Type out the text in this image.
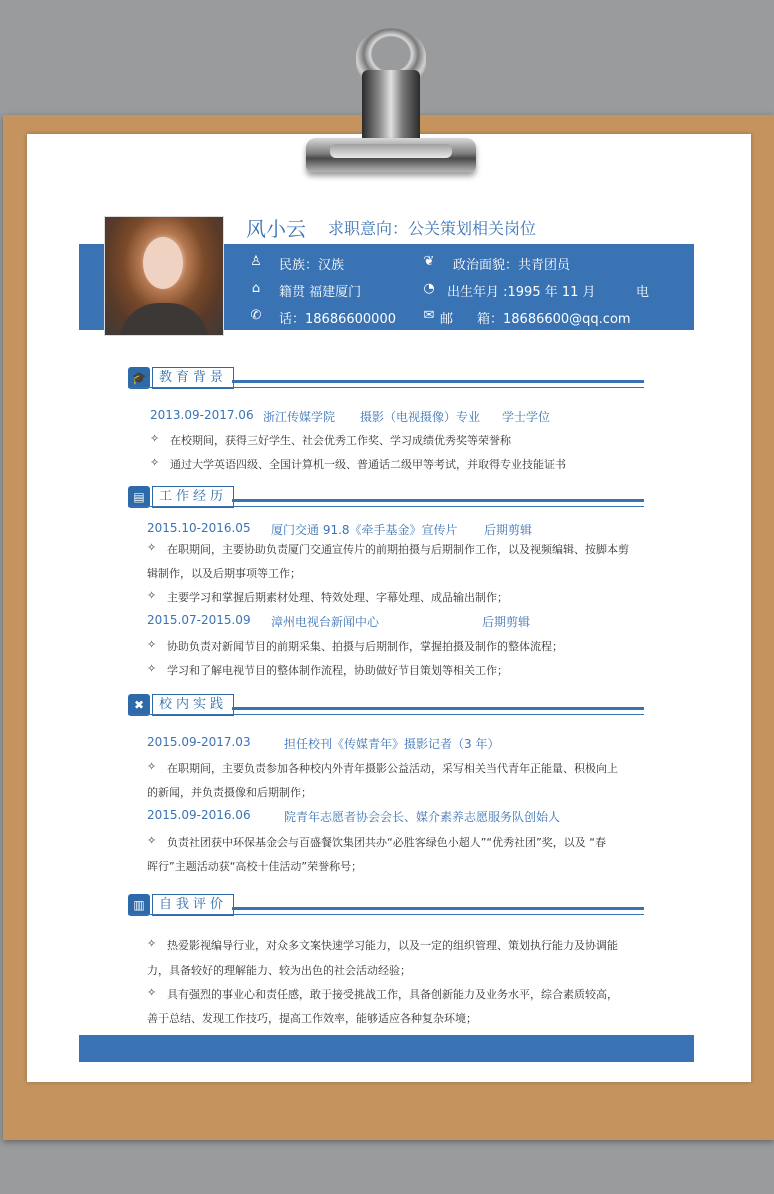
风小云 求职意向：公关策划相关岗位
♙ 民族：汉族	❦ 政治面貌：共青团员
⌂ 籍贯 福建厦门	◔ 出生年月 :1995 年 11 月	电
✆ 话：18686600000 ✉ 邮 箱：18686600@qq.com
🎓 教育背景
2013.09-2017.06 浙江传媒学院 摄影（电视摄像）专业 学士学位
✧ 在校期间，获得三好学生、社会优秀工作奖、学习成绩优秀奖等荣誉称
✧ 通过大学英语四级、全国计算机一级、普通话二级甲等考试，并取得专业技能证书
▤	工作经历
2015.10-2016.05 厦门交通 91.8《牵手基金》宣传片 后期剪辑
✧ 在职期间，主要协助负责厦门交通宣传片的前期拍摄与后期制作工作，以及视频编辑、按脚本剪
辑制作，以及后期事项等工作；
✧ 主要学习和掌握后期素材处理、特效处理、字幕处理、成品输出制作；
2015.07-2015.09 漳州电视台新闻中心	后期剪辑
✧ 协助负责对新闻节目的前期采集、拍摄与后期制作，掌握拍摄及制作的整体流程；
✧ 学习和了解电视节目的整体制作流程，协助做好节目策划等相关工作；
✖	校内实践
2015.09-2017.03	担任校刊《传媒青年》摄影记者（3 年）
✧ 在职期间，主要负责参加各种校内外青年摄影公益活动，采写相关当代青年正能量、积极向上
的新闻，并负责摄像和后期制作；
2015.09-2016.06	院青年志愿者协会会长、媒介素养志愿服务队创始人
✧ 负责社团获中环保基金会与百盛餐饮集团共办“必胜客绿色小超人”“优秀社团”奖，以及 “春
晖行”主题活动获“高校十佳活动”荣誉称号；
▥	自我评价
✧ 热爱影视编导行业，对众多文案快速学习能力，以及一定的组织管理、策划执行能力及协调能
力，具备较好的理解能力、较为出色的社会活动经验；
✧ 具有强烈的事业心和责任感，敢于接受挑战工作，具备创新能力及业务水平，综合素质较高，
善于总结、发现工作技巧，提高工作效率，能够适应各种复杂环境；
